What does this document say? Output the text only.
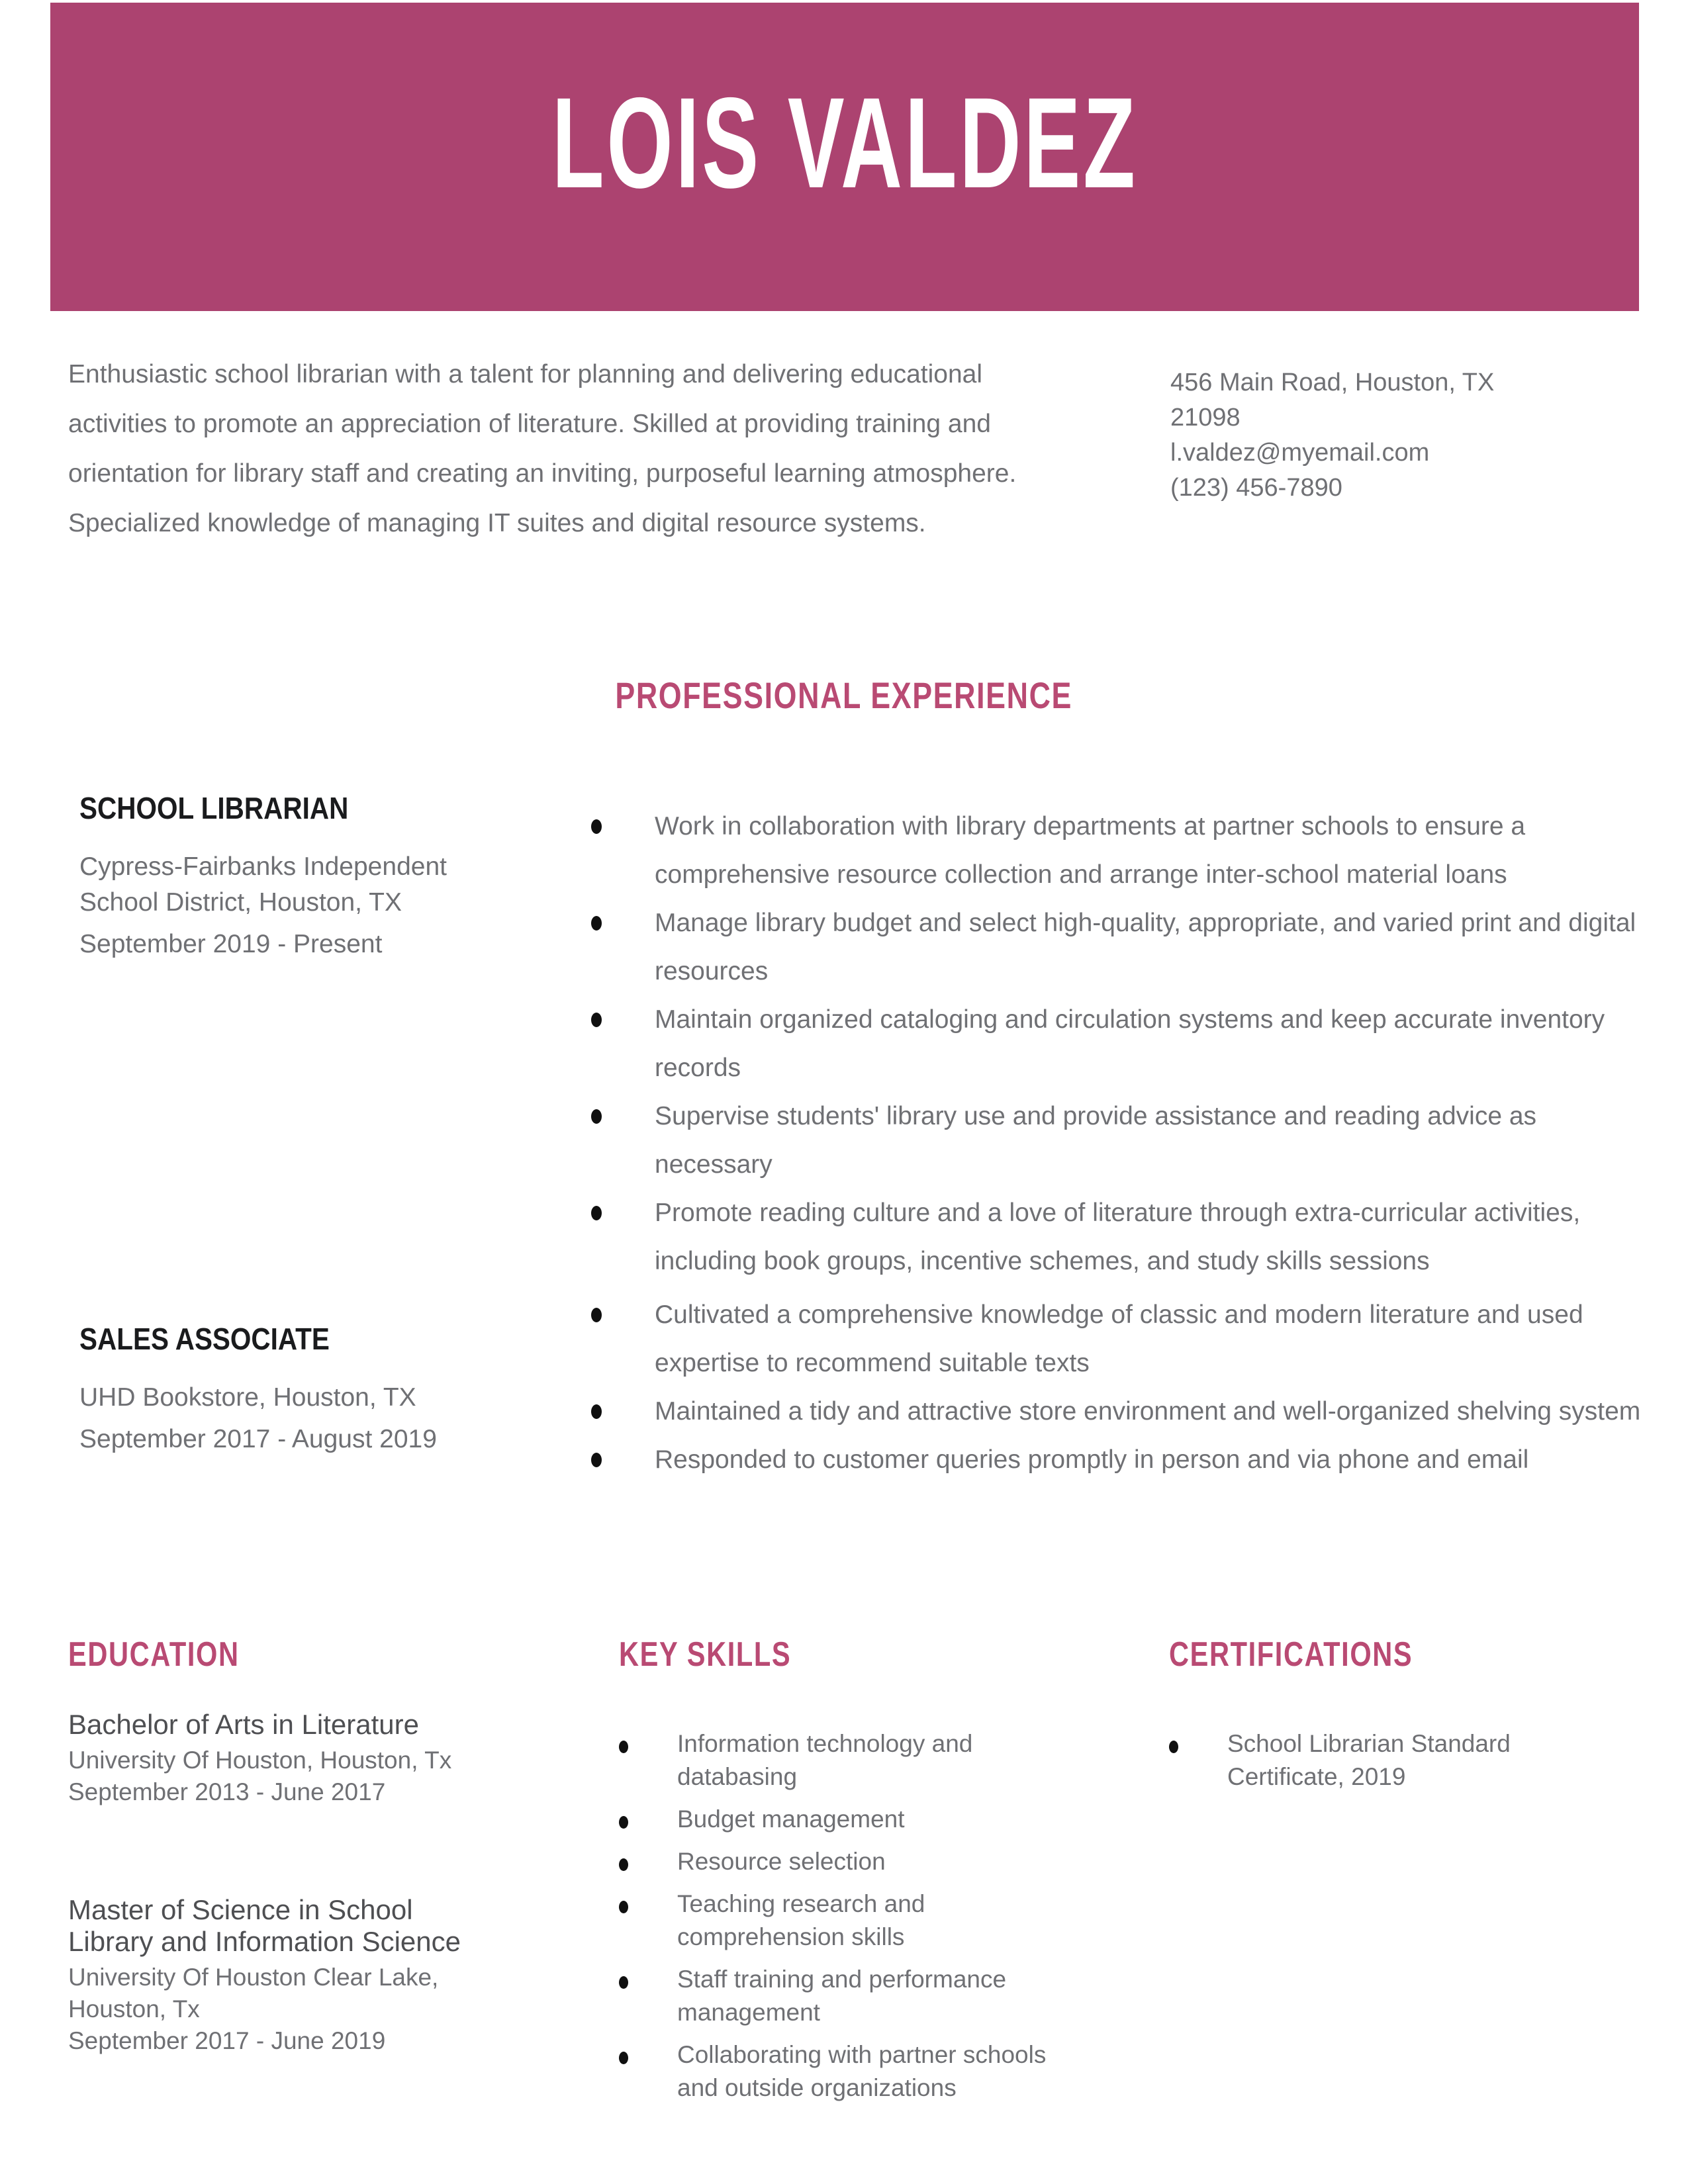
LOIS VALDEZ

Enthusiastic school librarian with a talent for planning and delivering educational activities to promote an appreciation of literature. Skilled at providing training and orientation for library staff and creating an inviting, purposeful learning atmosphere. Specialized knowledge of managing IT suites and digital resource systems.

456 Main Road, Houston, TX
21098
l.valdez@myemail.com
(123) 456-7890
PROFESSIONAL EXPERIENCE
SCHOOL LIBRARIAN

Cypress-Fairbanks Independent School District, Houston, TX

September 2019 - Present

Work in collaboration with library departments at partner schools to ensure a comprehensive resource collection and arrange inter-school material loans
Manage library budget and select high-quality, appropriate, and varied print and digital resources
Maintain organized cataloging and circulation systems and keep accurate inventory records
Supervise students' library use and provide assistance and reading advice as necessary
Promote reading culture and a love of literature through extra-curricular activities, including book groups, incentive schemes, and study skills sessions
SALES ASSOCIATE

UHD Bookstore, Houston, TX

September 2017 - August 2019

Cultivated a comprehensive knowledge of classic and modern literature and used expertise to recommend suitable texts
Maintained a tidy and attractive store environment and well-organized shelving system
Responded to customer queries promptly in person and via phone and email
EDUCATION
Bachelor of Arts in Literature

University Of Houston, Houston, Tx

September 2013 - June 2017

Master of Science in School Library and Information Science

University Of Houston Clear Lake, Houston, Tx

September 2017 - June 2019

KEY SKILLS
Information technology and databasing
Budget management
Resource selection
Teaching research and comprehension skills
Staff training and performance management
Collaborating with partner schools and outside organizations
CERTIFICATIONS
School Librarian Standard Certificate, 2019
